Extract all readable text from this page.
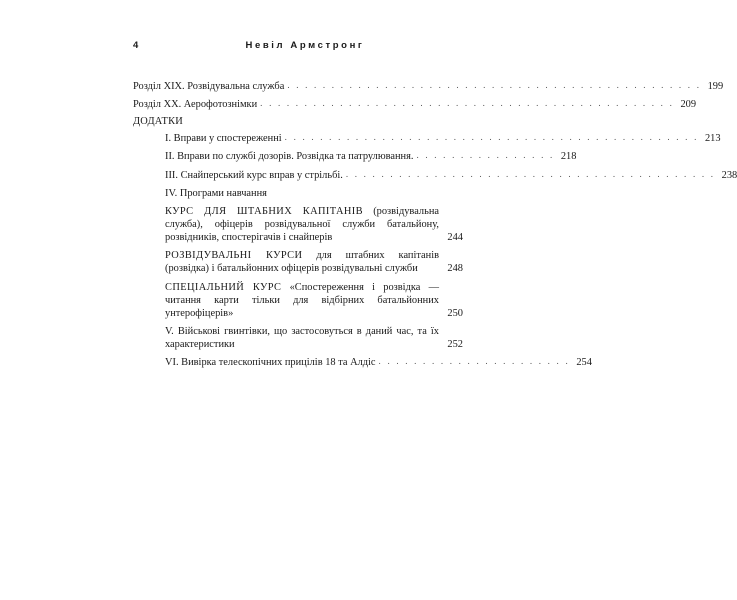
4	Невіл Армстронг
Розділ XIX. Розвідувальна служба . . . . . . . . . . . . . . . . . . . . . . . . . . . . . . . . . . . . . . . . . . . . . . . 199
Розділ XX. Аерофотознімки . . . . . . . . . . . . . . . . . . . . . . . . . . . . . . . . . . . . . . . . . . . . . . . 209
ДОДАТКИ
I. Вправи у спостереженні . . . . . . . . . . . . . . . . . . . . . . . . . . . . . . . . . . . . . . . . . . . . . . . 213
II. Вправи по службі дозорів. Розвідка та патрулювання. . . . . . . . . . . . . . . . . 218
III. Снайперський курс вправ у стрільбі. . . . . . . . . . . . . . . . . . . . . . . . . . . . . . . . . . . . . . . . . . . 238
IV. Програми навчання
КУРС ДЛЯ ШТАБНИХ КАПІТАНІВ (розвідувальна служба), офіцерів розвідувальної служби батальйону, розвідників, спостерігачів і снайперів	244
РОЗВІДУВАЛЬНІ КУРСИ для штабних капітанів (розвідка) і батальйонних офіцерів розвідувальні служби	248
СПЕЦІАЛЬНИЙ КУРС «Спостереження і розвідка — читання карти тільки для відбірних батальйонних унтерофіцерів»	250
V. Військові гвинтівки, що застосовуться в даний час, та їх характеристики	252
VI. Вивірка телескопічних прицілів 18 та Алдіс . . . . . . . . . . . . . . . . . . . . . . 254
